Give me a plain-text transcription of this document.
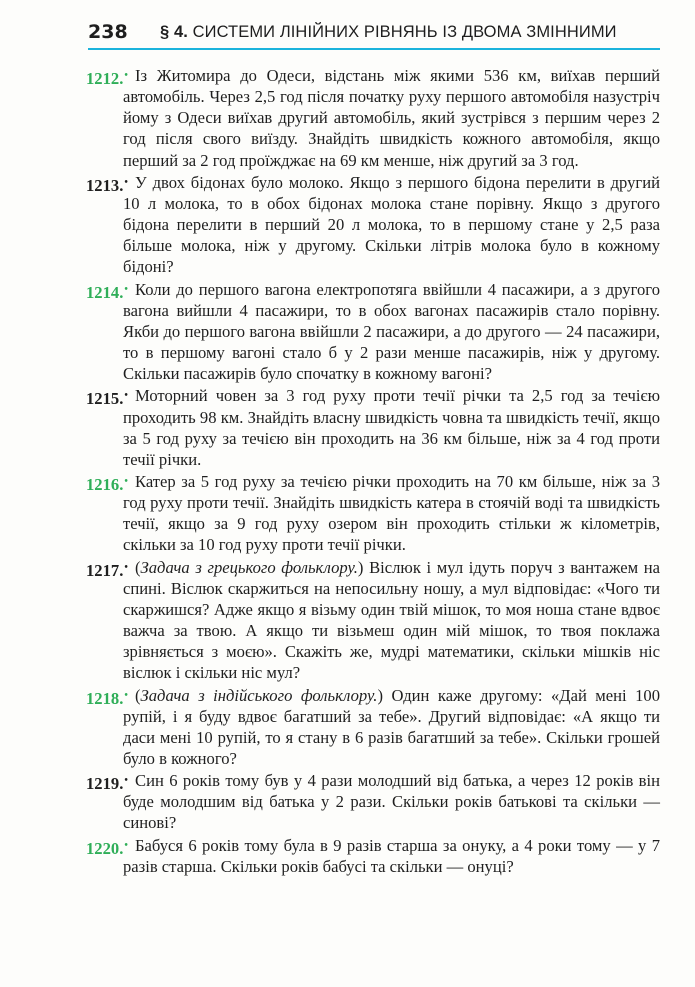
238 § 4. СИСТЕМИ ЛІНІЙНИХ РІВНЯНЬ ІЗ ДВОМА ЗМІННИМИ
1212.• Із Житомира до Одеси, відстань між якими 536 км, виїхав перший автомобіль. Через 2,5 год після початку руху першого автомобіля назустріч йому з Одеси виїхав другий автомобіль, який зустрівся з першим через 2 год після свого виїзду. Знайдіть швидкість кожного автомобіля, якщо перший за 2 год проїжджає на 69 км менше, ніж другий за 3 год.
1213.• У двох бідонах було молоко. Якщо з першого бідона перелити в другий 10 л молока, то в обох бідонах молока стане порівну. Якщо з другого бідона перелити в перший 20 л молока, то в першому стане у 2,5 раза більше молока, ніж у другому. Скільки літрів молока було в кожному бідоні?
1214.• Коли до першого вагона електропотяга ввійшли 4 пасажири, а з другого вагона вийшли 4 пасажири, то в обох вагонах пасажирів стало порівну. Якби до першого вагона ввійшли 2 пасажири, а до другого — 24 пасажири, то в першому вагоні стало б у 2 рази менше пасажирів, ніж у другому. Скільки пасажирів було спочатку в кожному вагоні?
1215.• Моторний човен за 3 год руху проти течії річки та 2,5 год за течією проходить 98 км. Знайдіть власну швидкість човна та швидкість течії, якщо за 5 год руху за течією він проходить на 36 км більше, ніж за 4 год проти течії річки.
1216.• Катер за 5 год руху за течією річки проходить на 70 км більше, ніж за 3 год руху проти течії. Знайдіть швидкість катера в стоячій воді та швидкість течії, якщо за 9 год руху озером він проходить стільки ж кілометрів, скільки за 10 год руху проти течії річки.
1217.• (Задача з грецького фольклору.) Віслюк і мул ідуть поруч з вантажем на спині. Віслюк скаржиться на непосильну ношу, а мул відповідає: «Чого ти скаржишся? Адже якщо я візьму один твій мішок, то моя ноша стане вдвоє важча за твою. А якщо ти візьмеш один мій мішок, то твоя поклажа зрівняється з моєю». Скажіть же, мудрі математики, скільки мішків ніс віслюк і скільки ніс мул?
1218.• (Задача з індійського фольклору.) Один каже другому: «Дай мені 100 рупій, і я буду вдвоє багатший за тебе». Другий відповідає: «А якщо ти даси мені 10 рупій, то я стану в 6 разів багатший за тебе». Скільки грошей було в кожного?
1219.• Син 6 років тому був у 4 рази молодший від батька, а через 12 років він буде молодшим від батька у 2 рази. Скільки років батькові та скільки — синові?
1220.• Бабуся 6 років тому була в 9 разів старша за онуку, а 4 роки тому — у 7 разів старша. Скільки років бабусі та скільки — онуці?
